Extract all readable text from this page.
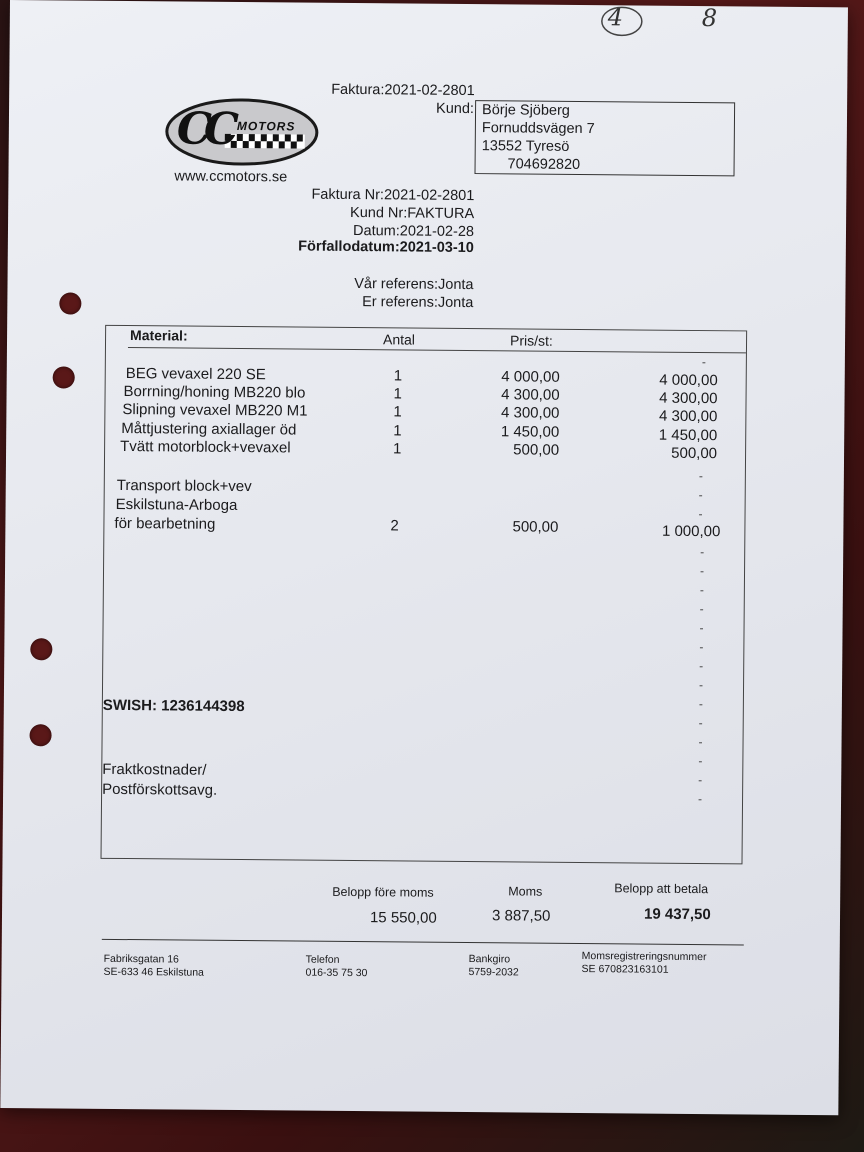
4	8
Faktura:2021-02-2801
Kund: Börje Sjöberg
Fornuddsvägen 7
13552 Tyresö
704692820
CC MOTORS
www.ccmotors.se
Faktura Nr:2021-02-2801
Kund Nr:FAKTURA
Datum:2021-02-28
Förfallodatum:2021-03-10
Vår referens:Jonta
Er referens:Jonta
Material:	Antal	Pris/st:
-
BEG vevaxel 220 SE	1	4 000,00	4 000,00
Borrning/honing MB220 blo	1	4 300,00	4 300,00
Slipning vevaxel MB220 M1	1	4 300,00	4 300,00
Måttjustering axiallager öd	1	1 450,00	1 450,00
Tvätt motorblock+vevaxel	1	500,00	500,00
-
Transport block+vev	-
Eskilstuna-Arboga
-
för bearbetning	2	500,00	1 000,00
-
-
-
-
-
-
-
-
SWISH: 1236144398	-
-
-
-
Fraktkostnader/
Postförskottsavg.
-
-
Belopp före moms	Moms	Belopp att betala
15 550,00	3 887,50	19 437,50
Fabriksgatan 16
SE-633 46 Eskilstuna
Telefon
016-35 75 30
Bankgiro
5759-2032
Momsregistreringsnummer
SE 670823163101
